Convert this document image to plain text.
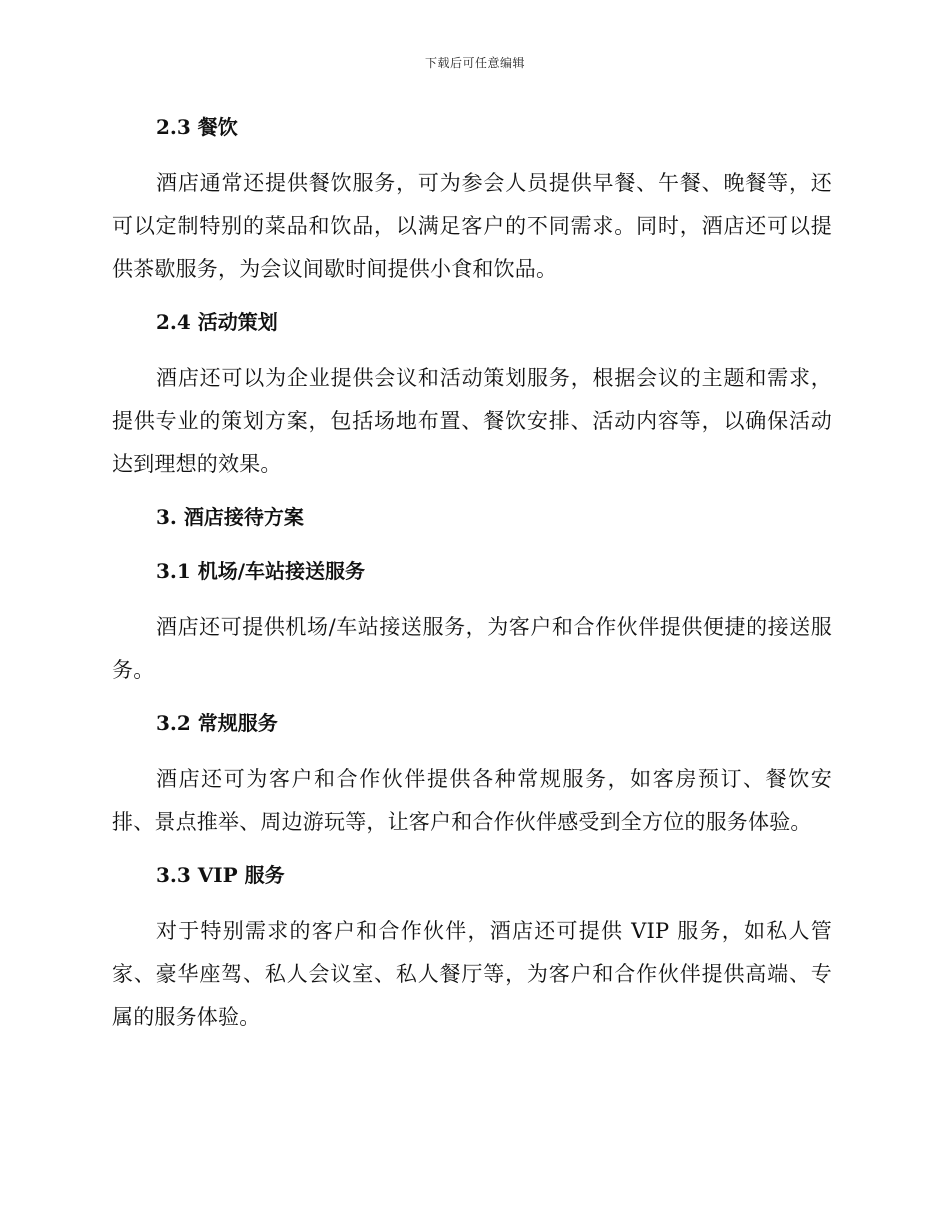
下载后可任意编辑
2.3 餐饮

酒店通常还提供餐饮服务，可为参会人员提供早餐、午餐、晚餐等，还可以定制特别的菜品和饮品，以满足客户的不同需求。同时，酒店还可以提供茶歇服务，为会议间歇时间提供小食和饮品。

2.4 活动策划

酒店还可以为企业提供会议和活动策划服务，根据会议的主题和需求，提供专业的策划方案，包括场地布置、餐饮安排、活动内容等，以确保活动达到理想的效果。

3. 酒店接待方案
3.1 机场/车站接送服务

酒店还可提供机场/车站接送服务，为客户和合作伙伴提供便捷的接送服务。

3.2 常规服务

酒店还可为客户和合作伙伴提供各种常规服务，如客房预订、餐饮安排、景点推举、周边游玩等，让客户和合作伙伴感受到全方位的服务体验。

3.3 VIP 服务

对于特别需求的客户和合作伙伴，酒店还可提供 VIP 服务，如私人管家、豪华座驾、私人会议室、私人餐厅等，为客户和合作伙伴提供高端、专属的服务体验。
